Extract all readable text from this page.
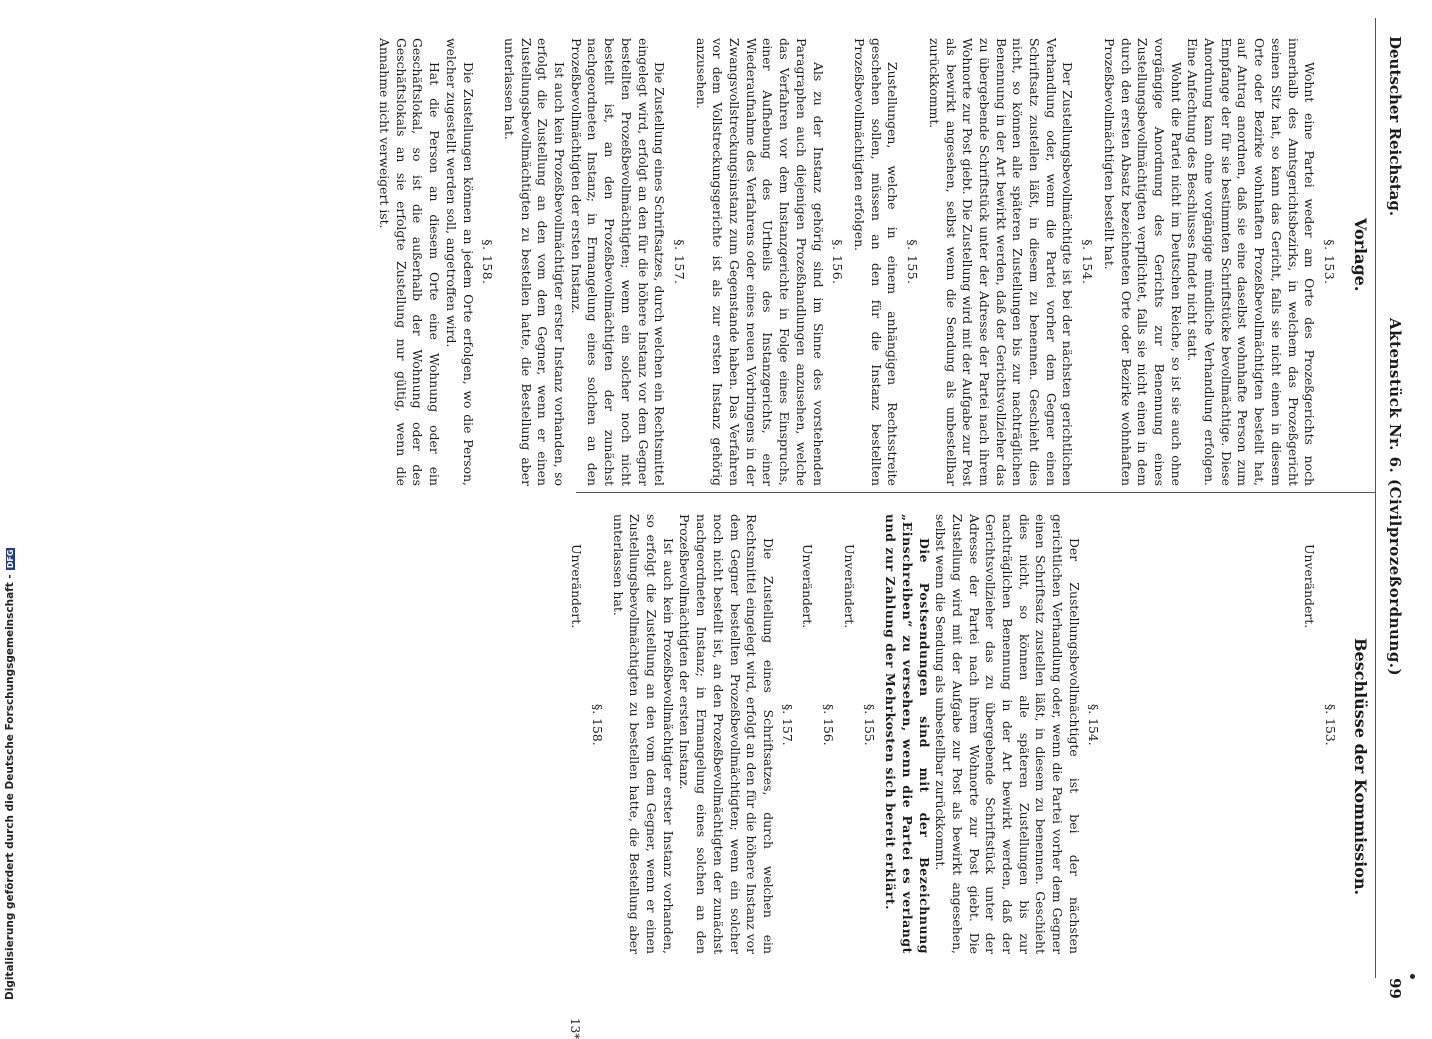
Deutscher Reichstag.
Aktenstück Nr. 6. (Civilprozeßordnung.)
99
Vorlage.
Beschlüsse der Kommission.
§. 153.

Wohnt eine Partei weder am Orte des Prozeßgerichts noch innerhalb des Amtsgerichtsbezirks, in welchem das Prozeßgericht seinen Sitz hat, so kann das Gericht, falls sie nicht einen in diesem Orte oder Bezirke wohnhaften Prozeßbevollmächtigten bestellt hat, auf Antrag anordnen, daß sie eine daselbst wohnhafte Person zum Empfange der für sie bestimmten Schriftstücke bevollmächtige. Diese Anordnung kann ohne vorgängige mündliche Verhandlung erfolgen. Eine Anfechtung des Beschlusses findet nicht statt.

Wohnt die Partei nicht im Deutschen Reiche, so ist sie auch ohne vorgängige Anordnung des Gerichts zur Benennung eines Zustellungsbevollmächtigten verpflichtet, falls sie nicht einen in dem durch den ersten Absatz bezeichneten Orte oder Bezirke wohnhaften Prozeßbevollmächtigten bestellt hat.

§. 154.

Der Zustellungsbevollmächtigte ist bei der nächsten gerichtlichen Verhandlung oder, wenn die Partei vorher dem Gegner einen Schriftsatz zustellen läßt, in diesem zu benennen. Geschieht dies nicht, so können alle späteren Zustellungen bis zur nachträglichen Benennung in der Art bewirkt werden, daß der Gerichtsvollzieher das zu übergebende Schriftstück unter der Adresse der Partei nach ihrem Wohnorte zur Post giebt. Die Zustellung wird mit der Aufgabe zur Post als bewirkt angesehen, selbst wenn die Sendung als unbestellbar zurückkommt.

§. 155.

Zustellungen, welche in einem anhängigen Rechtsstreite geschehen sollen, müssen an den für die Instanz bestellten Prozeßbevollmächtigten erfolgen.

§. 156.

Als zu der Instanz gehörig sind im Sinne des vorstehenden Paragraphen auch diejenigen Prozeßhandlungen anzusehen, welche das Verfahren vor dem Instanzgerichte in Folge eines Einspruchs, einer Aufhebung des Urtheils des Instanzgerichts, einer Wiederaufnahme des Verfahrens oder eines neuen Vorbringens in der Zwangsvollstreckungsinstanz zum Gegenstande haben. Das Verfahren vor dem Vollstreckungsgerichte ist als zur ersten Instanz gehörig anzusehen.

§. 157.

Die Zustellung eines Schriftsatzes, durch welchen ein Rechtsmittel eingelegt wird, erfolgt an den für die höhere Instanz vor dem Gegner bestellten Prozeßbevollmächtigten; wenn ein solcher noch nicht bestellt ist, an den Prozeßbevollmächtigten der zunächst nachgeordneten Instanz; in Ermangelung eines solchen an den Prozeßbevollmächtigten der ersten Instanz.

Ist auch kein Prozeßbevollmächtigter erster Instanz vorhanden, so erfolgt die Zustellung an den vom dem Gegner, wenn er einen Zustellungsbevollmächtigten zu bestellen hatte, die Bestellung aber unterlassen hat.

§. 158.

Die Zustellungen können an jedem Orte erfolgen, wo die Person, welcher zugestellt werden soll, angetroffen wird.

Hat die Person an diesem Orte eine Wohnung oder ein Geschäftslokal, so ist die außerhalb der Wohnung oder des Geschäftslokals an sie erfolgte Zustellung nur gültig, wenn die Annahme nicht verweigert ist.

§. 153.
Unverändert.
§. 154.

Der Zustellungsbevollmächtigte ist bei der nächsten gerichtlichen Verhandlung oder, wenn die Partei vorher dem Gegner einen Schriftsatz zustellen läßt, in diesem zu benennen. Geschieht dies nicht, so können alle späteren Zustellungen bis zur nachträglichen Benennung in der Art bewirkt werden, daß der Gerichtsvollzieher das zu übergebende Schriftstück unter der Adresse der Partei nach ihrem Wohnorte zur Post giebt. Die Zustellung wird mit der Aufgabe zur Post als bewirkt angesehen, selbst wenn die Sendung als unbestellbar zurückkommt.

Die Postsendungen sind mit der Bezeichnung „Einschreiben“ zu versehen, wenn die Partei es verlangt und zur Zahlung der Mehrkosten sich bereit erklärt.

§. 155.
Unverändert.
§. 156.
Unverändert.
§. 157.

Die Zustellung eines Schriftsatzes, durch welchen ein Rechtsmittel eingelegt wird, erfolgt an den für die höhere Instanz vor dem Gegner bestellten Prozeßbevollmächtigten; wenn ein solcher noch nicht bestellt ist, an den Prozeßbevollmächtigten der zunächst nachgeordneten Instanz; in Ermangelung eines solchen an den Prozeßbevollmächtigten der ersten Instanz.

Ist auch kein Prozeßbevollmächtigter erster Instanz vorhanden, so erfolgt die Zustellung an den vom dem Gegner, wenn er einen Zustellungsbevollmächtigten zu bestellen hatte, die Bestellung aber unterlassen hat.

§. 158.
Unverändert.
13*
Digitalisierung gefördert durch die Deutsche Forschungsgemeinschaft -DFG
